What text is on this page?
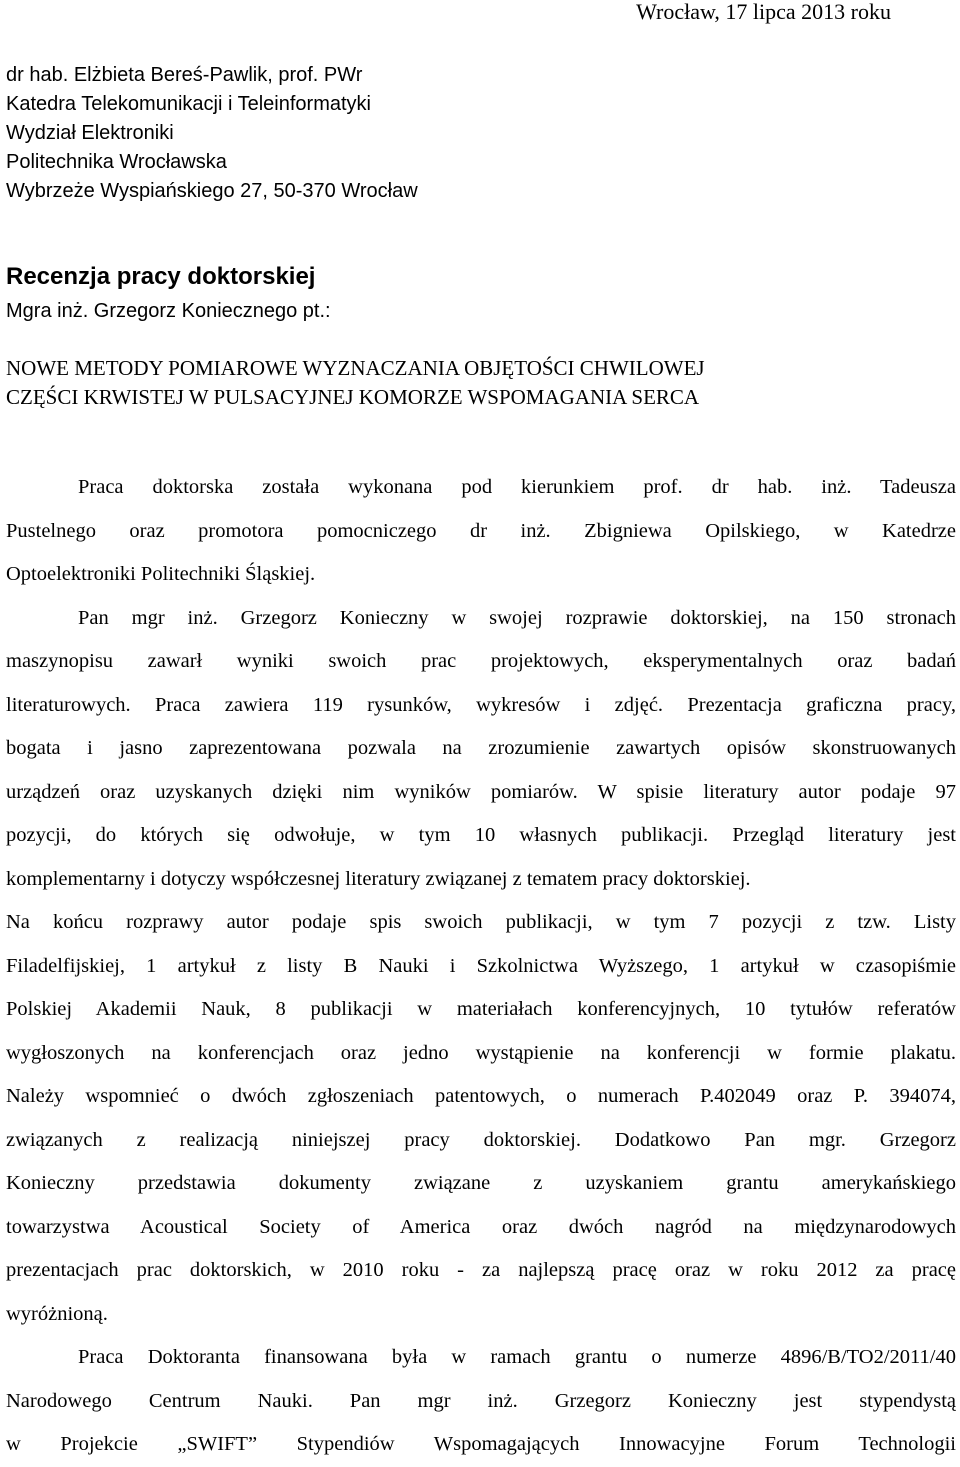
Wrocław, 17 lipca 2013 roku
dr hab. Elżbieta Bereś-Pawlik, prof. PWr
Katedra Telekomunikacji i Teleinformatyki
Wydział Elektroniki
Politechnika Wrocławska
Wybrzeże Wyspiańskiego 27, 50-370 Wrocław
Recenzja pracy doktorskiej
Mgra inż. Grzegorz Koniecznego pt.:
NOWE METODY POMIAROWE WYZNACZANIA OBJĘTOŚCI CHWILOWEJ
CZĘŚCI KRWISTEJ W PULSACYJNEJ KOMORZE WSPOMAGANIA SERCA
Praca doktorska została wykonana pod kierunkiem prof. dr hab. inż. Tadeusza
Pustelnego oraz promotora pomocniczego dr inż. Zbigniewa Opilskiego, w Katedrze
Optoelektroniki Politechniki Śląskiej.
Pan mgr inż. Grzegorz Konieczny w swojej rozprawie doktorskiej, na 150 stronach
maszynopisu zawarł wyniki swoich prac projektowych, eksperymentalnych oraz badań
literaturowych. Praca zawiera 119 rysunków, wykresów i zdjęć. Prezentacja graficzna pracy,
bogata i jasno zaprezentowana pozwala na zrozumienie zawartych opisów skonstruowanych
urządzeń oraz uzyskanych dzięki nim wyników pomiarów. W spisie literatury autor podaje 97
pozycji, do których się odwołuje, w tym 10 własnych publikacji. Przegląd literatury jest
komplementarny i dotyczy współczesnej literatury związanej z tematem pracy doktorskiej.
Na końcu rozprawy autor podaje spis swoich publikacji, w tym 7 pozycji z tzw. Listy
Filadelfijskiej, 1 artykuł z listy B Nauki i Szkolnictwa Wyższego, 1 artykuł w czasopiśmie
Polskiej Akademii Nauk, 8 publikacji w materiałach konferencyjnych, 10 tytułów referatów
wygłoszonych na konferencjach oraz jedno wystąpienie na konferencji w formie plakatu.
Należy wspomnieć o dwóch zgłoszeniach patentowych, o numerach P.402049 oraz P. 394074,
związanych z realizacją niniejszej pracy doktorskiej. Dodatkowo Pan mgr. Grzegorz
Konieczny przedstawia dokumenty związane z uzyskaniem grantu amerykańskiego
towarzystwa Acoustical Society of America oraz dwóch nagród na międzynarodowych
prezentacjach prac doktorskich, w 2010 roku - za najlepszą pracę oraz w roku 2012 za pracę
wyróżnioną.
Praca Doktoranta finansowana była w ramach grantu o numerze 4896/B/TO2/2011/40
Narodowego Centrum Nauki. Pan mgr inż. Grzegorz Konieczny jest stypendystą
w Projekcie „SWIFT” Stypendiów Wspomagających Innowacyjne Forum Technologii
